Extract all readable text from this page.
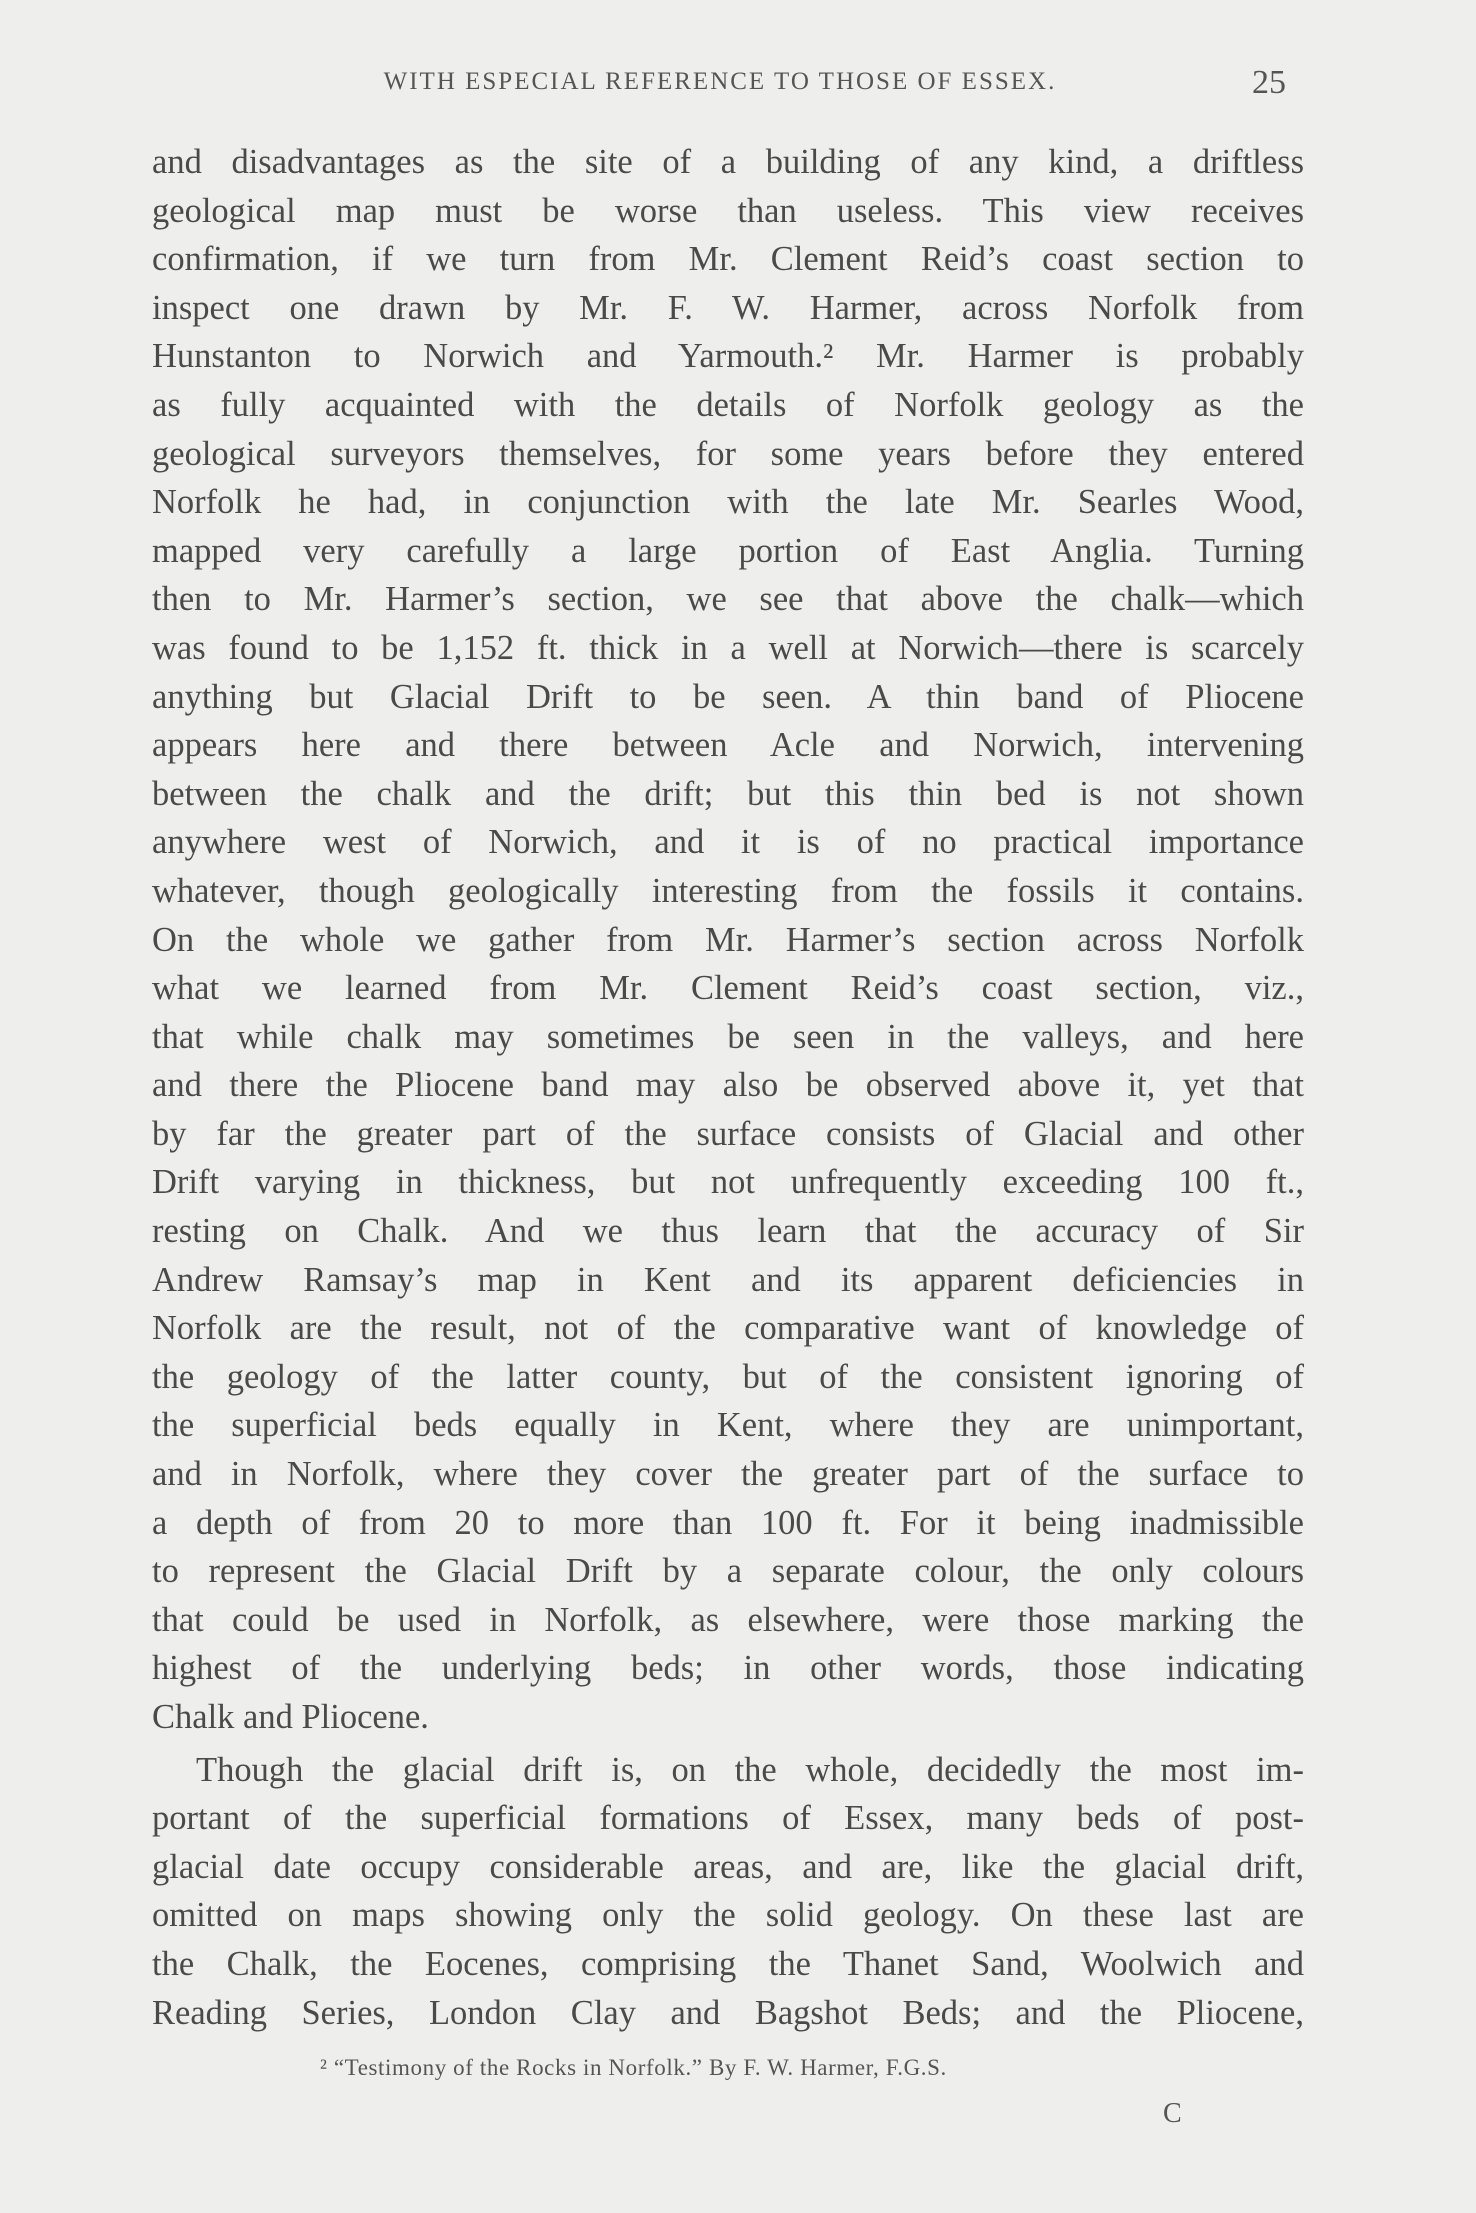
WITH ESPECIAL REFERENCE TO THOSE OF ESSEX.	25
and disadvantages as the site of a building of any kind, a driftless
geological map must be worse than useless. This view receives
confirmation, if we turn from Mr. Clement Reid’s coast section to
inspect one drawn by Mr. F. W. Harmer, across Norfolk from
Hunstanton to Norwich and Yarmouth.² Mr. Harmer is probably
as fully acquainted with the details of Norfolk geology as the
geological surveyors themselves, for some years before they entered
Norfolk he had, in conjunction with the late Mr. Searles Wood,
mapped very carefully a large portion of East Anglia. Turning
then to Mr. Harmer’s section, we see that above the chalk—which
was found to be 1,152 ft. thick in a well at Norwich—there is scarcely
anything but Glacial Drift to be seen. A thin band of Pliocene
appears here and there between Acle and Norwich, intervening
between the chalk and the drift; but this thin bed is not shown
anywhere west of Norwich, and it is of no practical importance
whatever, though geologically interesting from the fossils it contains.
On the whole we gather from Mr. Harmer’s section across Norfolk
what we learned from Mr. Clement Reid’s coast section, viz.,
that while chalk may sometimes be seen in the valleys, and here
and there the Pliocene band may also be observed above it, yet that
by far the greater part of the surface consists of Glacial and other
Drift varying in thickness, but not unfrequently exceeding 100 ft.,
resting on Chalk. And we thus learn that the accuracy of Sir
Andrew Ramsay’s map in Kent and its apparent deficiencies in
Norfolk are the result, not of the comparative want of knowledge of
the geology of the latter county, but of the consistent ignoring of
the superficial beds equally in Kent, where they are unimportant,
and in Norfolk, where they cover the greater part of the surface to
a depth of from 20 to more than 100 ft. For it being inadmissible
to represent the Glacial Drift by a separate colour, the only colours
that could be used in Norfolk, as elsewhere, were those marking the
highest of the underlying beds; in other words, those indicating
Chalk and Pliocene.
Though the glacial drift is, on the whole, decidedly the most im-
portant of the superficial formations of Essex, many beds of post-
glacial date occupy considerable areas, and are, like the glacial drift,
omitted on maps showing only the solid geology. On these last are
the Chalk, the Eocenes, comprising the Thanet Sand, Woolwich and
Reading Series, London Clay and Bagshot Beds; and the Pliocene,
² “Testimony of the Rocks in Norfolk.” By F. W. Harmer, F.G.S.
C
